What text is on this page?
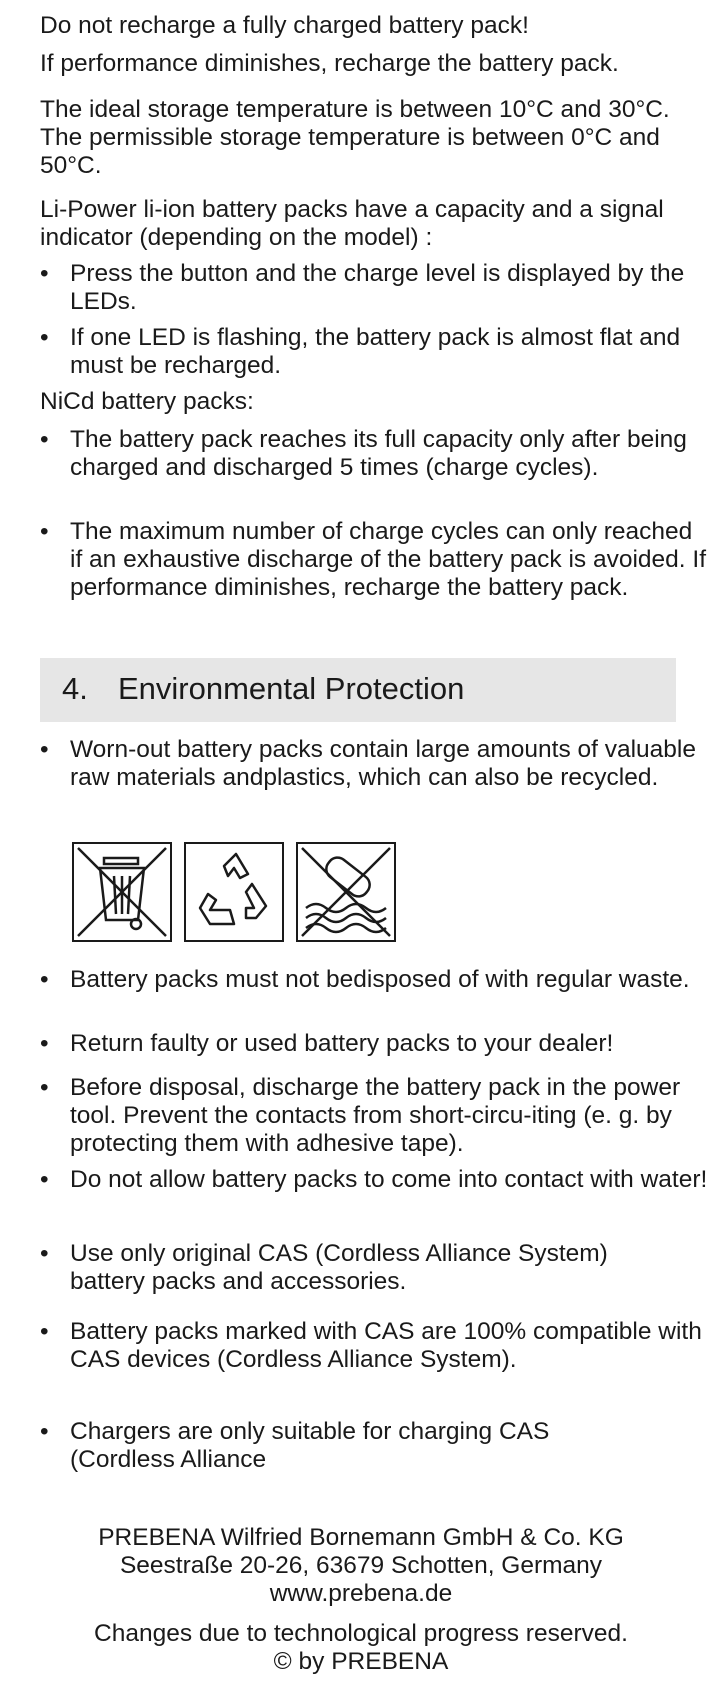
Do not recharge a fully charged battery pack!

If performance diminishes, recharge the battery pack.

The ideal storage temperature is between 10°C and 30°C. The permissible storage temperature is between 0°C and 50°C.

Li-Power li-ion battery packs have a capacity and a signal indicator (depending on the model) :

• Press the button and the charge level is displayed by the LEDs.
• If one LED is flashing, the battery pack is almost flat and must be recharged.

NiCd battery packs:

• The battery pack reaches its full capacity only after being charged and discharged 5 times (charge cycles).
• The maximum number of charge cycles can only reached if an exhaustive discharge of the battery pack is avoided. If performance diminishes, recharge the battery pack.
4. Environmental Protection
• Worn-out battery packs contain large amounts of valuable raw materials andplastics, which can also be recycled.
• Battery packs must not bedisposed of with regular waste.
• Return faulty or used battery packs to your dealer!
• Before disposal, discharge the battery pack in the power tool. Prevent the contacts from short-circu-iting (e. g. by protecting them with adhesive tape).
• Do not allow battery packs to come into contact with water!
• Use only original CAS (Cordless Alliance System) battery packs and accessories.
• Battery packs marked with CAS are 100% compatible with CAS devices (Cordless Alliance System).
• Chargers are only suitable for charging CAS (Cordless Alliance
PREBENA Wilfried Bornemann GmbH & Co. KG
Seestraße 20-26, 63679 Schotten, Germany
www.prebena.de
Changes due to technological progress reserved.
© by PREBENA
